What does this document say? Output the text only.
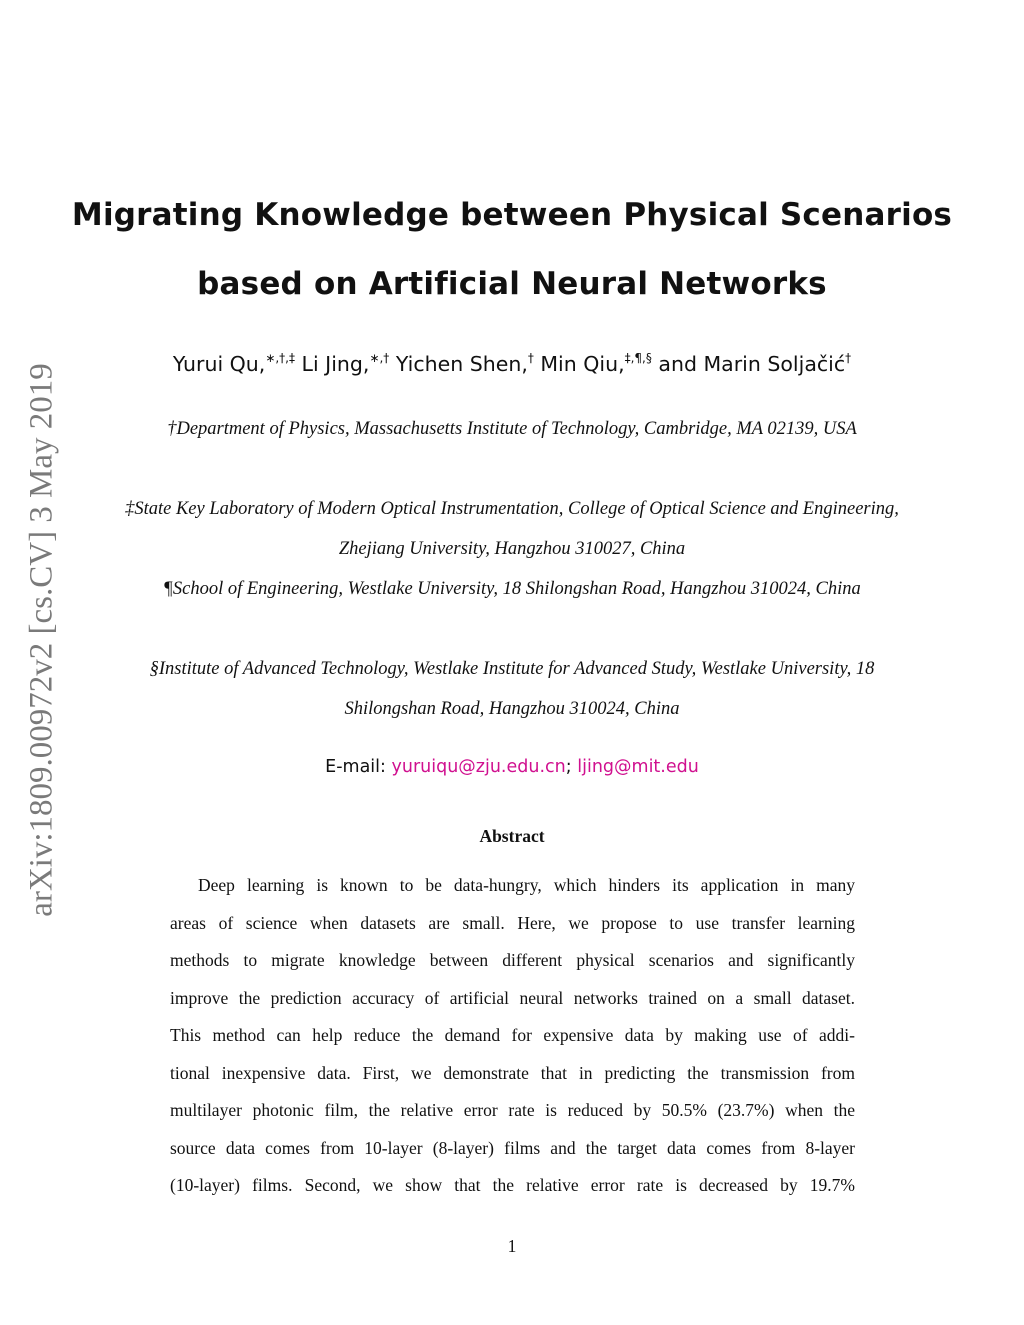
arXiv:1809.00972v2 [cs.CV] 3 May 2019
Migrating Knowledge between Physical Scenarios
based on Artificial Neural Networks
Yurui Qu,∗,†,‡ Li Jing,∗,† Yichen Shen,† Min Qiu,‡,¶,§ and Marin Soljačić†
†Department of Physics, Massachusetts Institute of Technology, Cambridge, MA 02139, USA
‡State Key Laboratory of Modern Optical Instrumentation, College of Optical Science and Engineering, Zhejiang University, Hangzhou 310027, China
¶School of Engineering, Westlake University, 18 Shilongshan Road, Hangzhou 310024, China
§Institute of Advanced Technology, Westlake Institute for Advanced Study, Westlake University, 18 Shilongshan Road, Hangzhou 310024, China
E-mail: yuruiqu@zju.edu.cn; ljing@mit.edu
Abstract
Deep learning is known to be data-hungry, which hinders its application in many
areas of science when datasets are small. Here, we propose to use transfer learning
methods to migrate knowledge between different physical scenarios and significantly
improve the prediction accuracy of artificial neural networks trained on a small dataset.
This method can help reduce the demand for expensive data by making use of addi-
tional inexpensive data. First, we demonstrate that in predicting the transmission from
multilayer photonic film, the relative error rate is reduced by 50.5% (23.7%) when the
source data comes from 10-layer (8-layer) films and the target data comes from 8-layer
(10-layer) films. Second, we show that the relative error rate is decreased by 19.7%
1
